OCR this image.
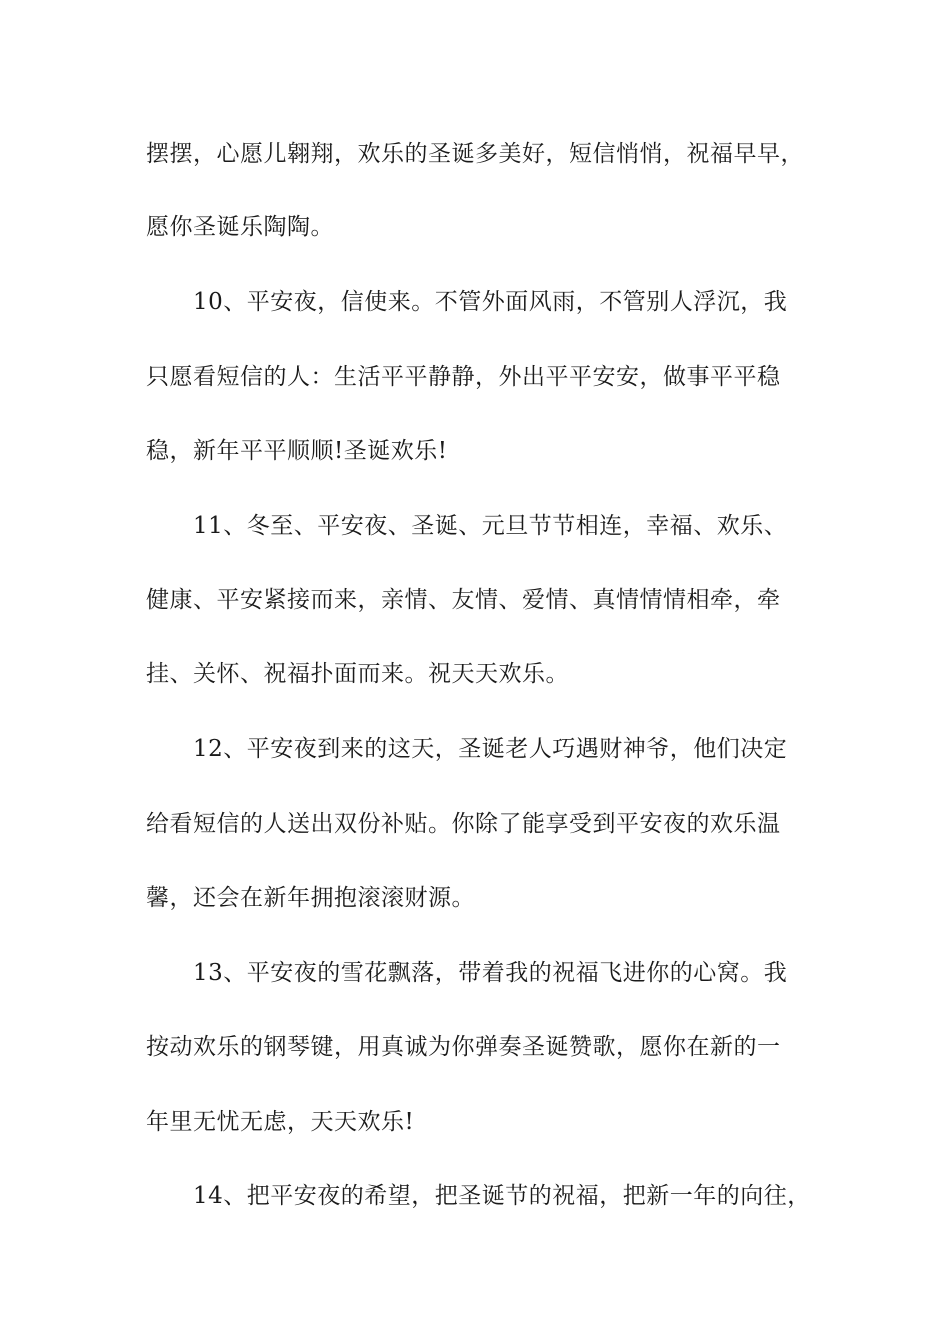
摆摆，心愿儿翱翔，欢乐的圣诞多美好，短信悄悄，祝福早早，
愿你圣诞乐陶陶。
10、平安夜，信使来。不管外面风雨，不管别人浮沉，我
只愿看短信的人：生活平平静静，外出平平安安，做事平平稳
稳，新年平平顺顺!圣诞欢乐!
11、冬至、平安夜、圣诞、元旦节节相连，幸福、欢乐、
健康、平安紧接而来，亲情、友情、爱情、真情情情相牵，牵
挂、关怀、祝福扑面而来。祝天天欢乐。
12、平安夜到来的这天，圣诞老人巧遇财神爷，他们决定
给看短信的人送出双份补贴。你除了能享受到平安夜的欢乐温
馨，还会在新年拥抱滚滚财源。
13、平安夜的雪花飘落，带着我的祝福飞进你的心窝。我
按动欢乐的钢琴键，用真诚为你弹奏圣诞赞歌，愿你在新的一
年里无忧无虑，天天欢乐!
14、把平安夜的希望，把圣诞节的祝福，把新一年的向往，
